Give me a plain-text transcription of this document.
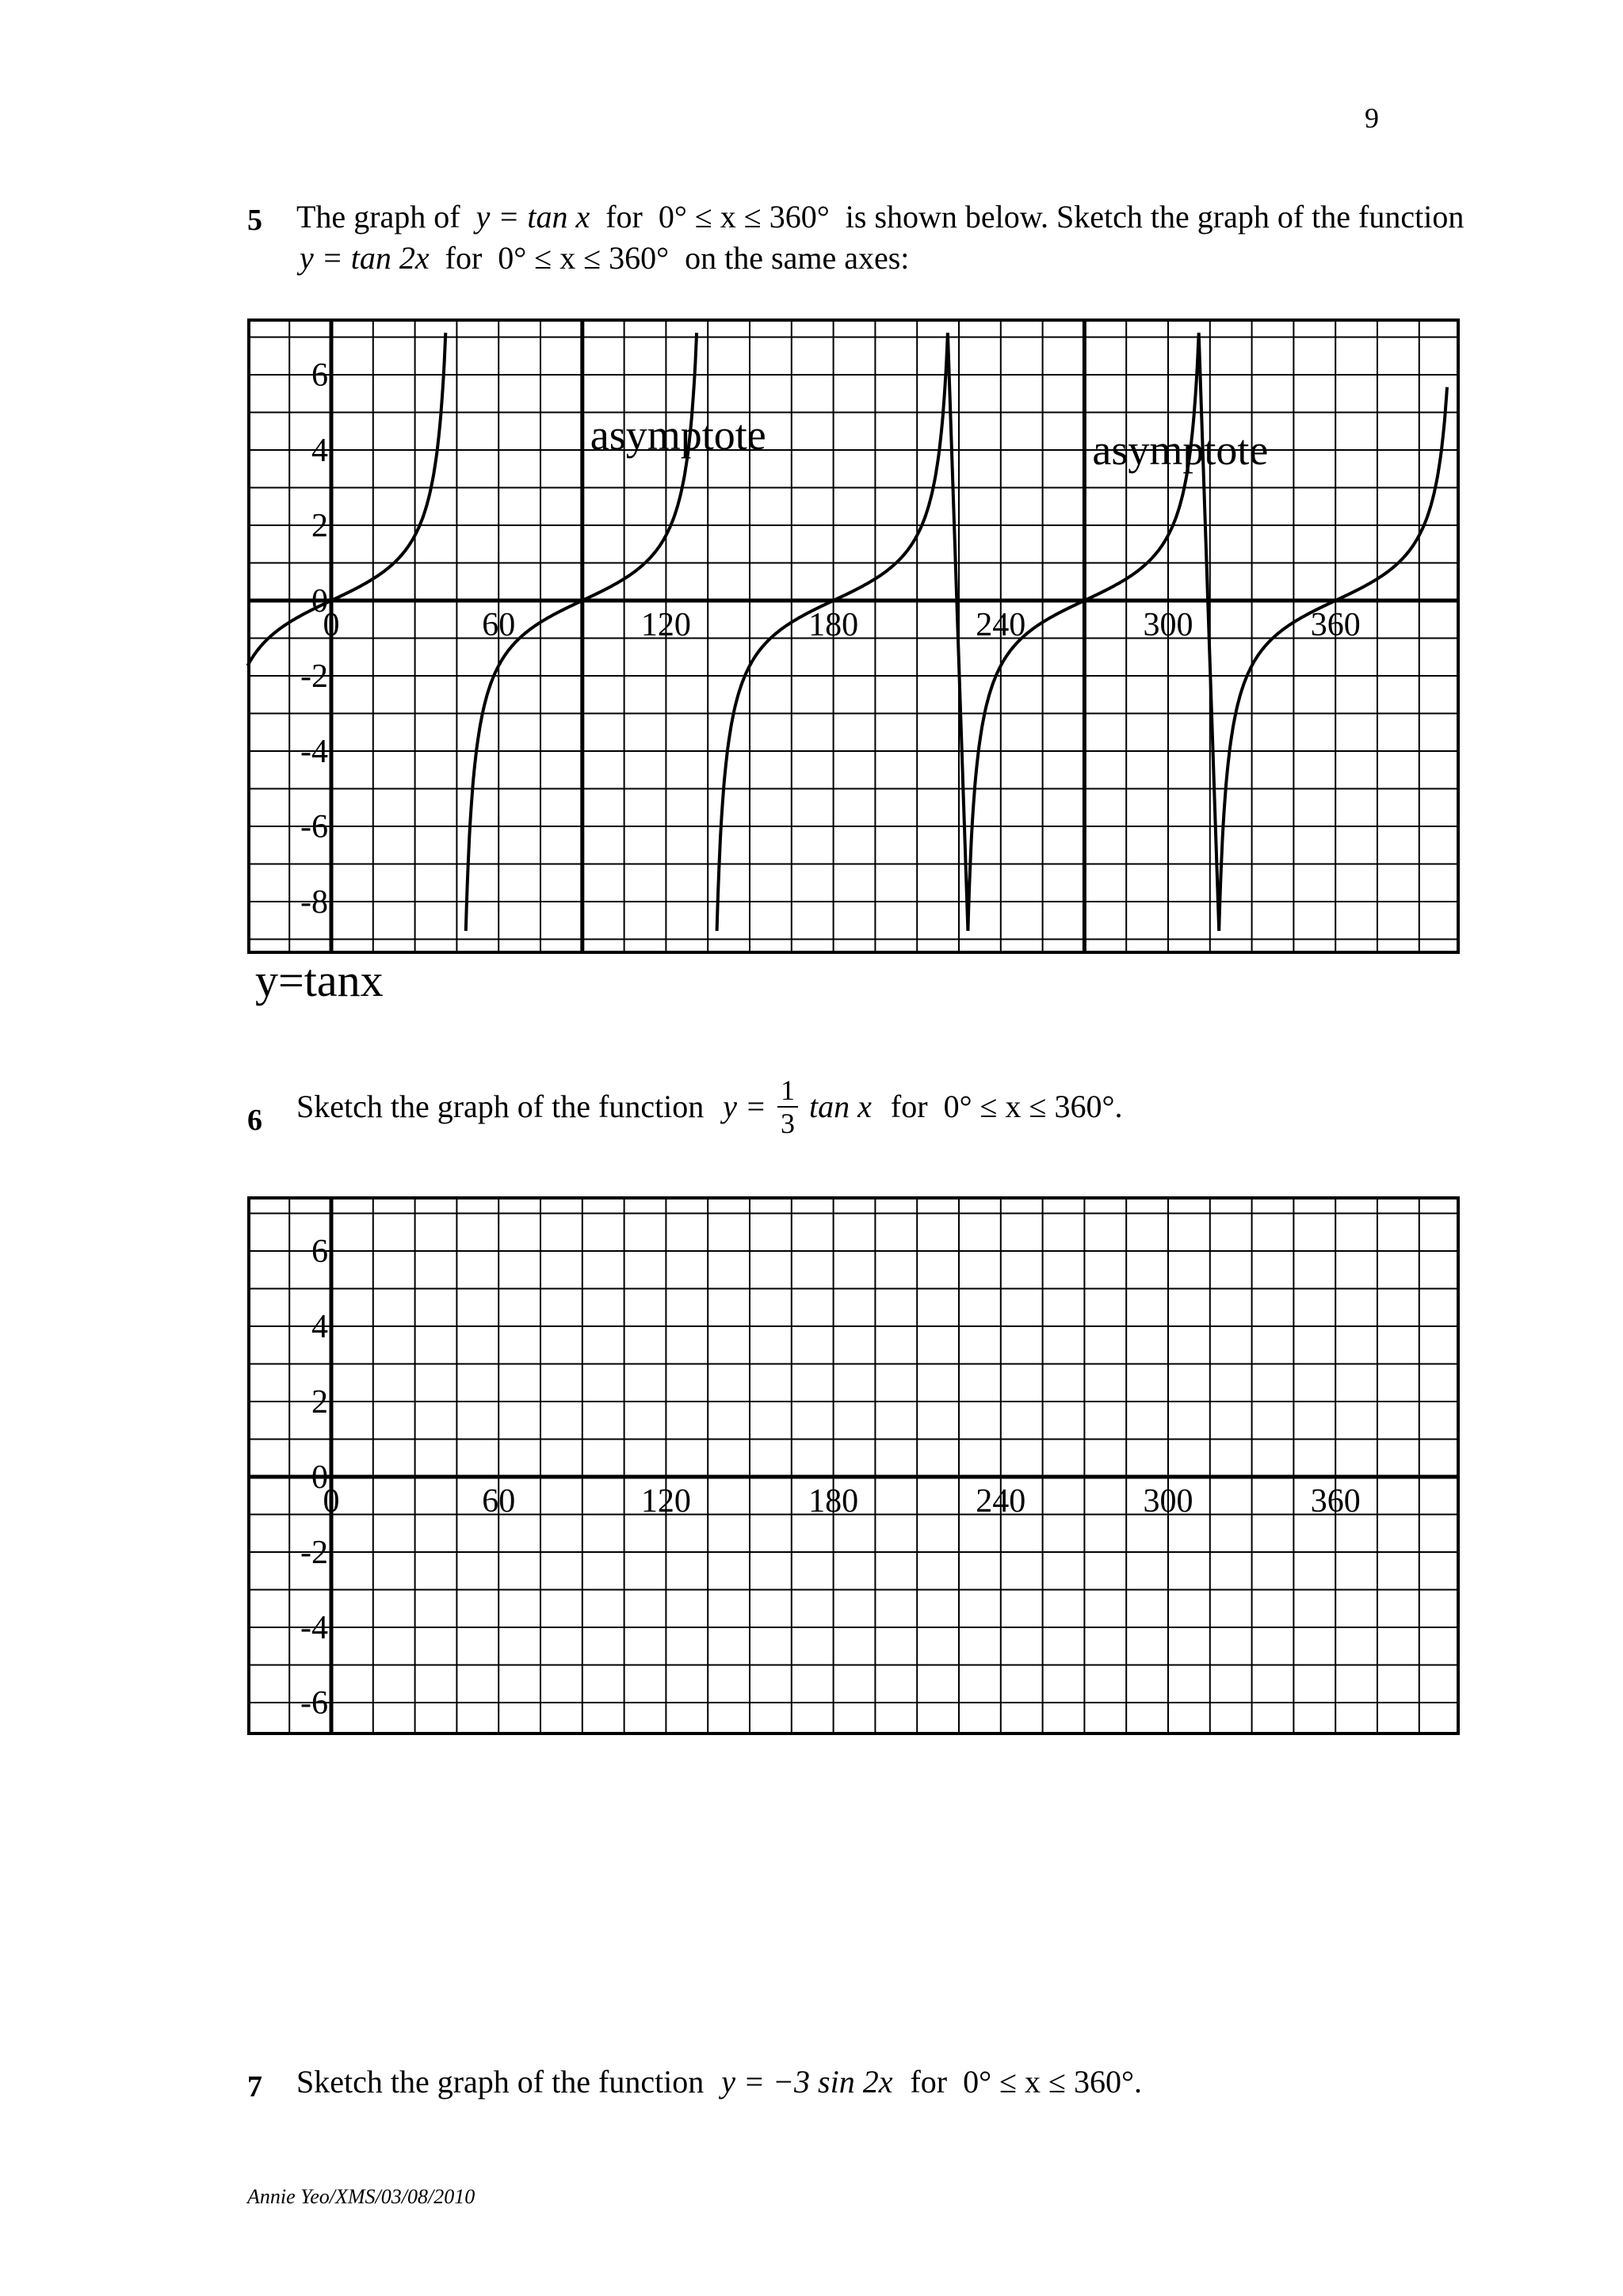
9
5 The graph of y = tan x for 0° ≤ x ≤ 360° is shown below. Sketch the graph of the function
y = tan 2x for 0° ≤ x ≤ 360° on the same axes:
0	60	120	180	240	300	360
6
4
2
0
-2
-4
-6
-8
asymptote	asymptote
y=tanx
6 Sketch the graph of the function $y = \frac{1}{3}$ tan x for 0° ≤ x ≤ 360°.
0	60	120	180	240	300	360
6
4
2
0
-2
-4
-6
7 Sketch the graph of the function y = −3 sin 2x for 0° ≤ x ≤ 360°.
Annie Yeo/XMS/03/08/2010
